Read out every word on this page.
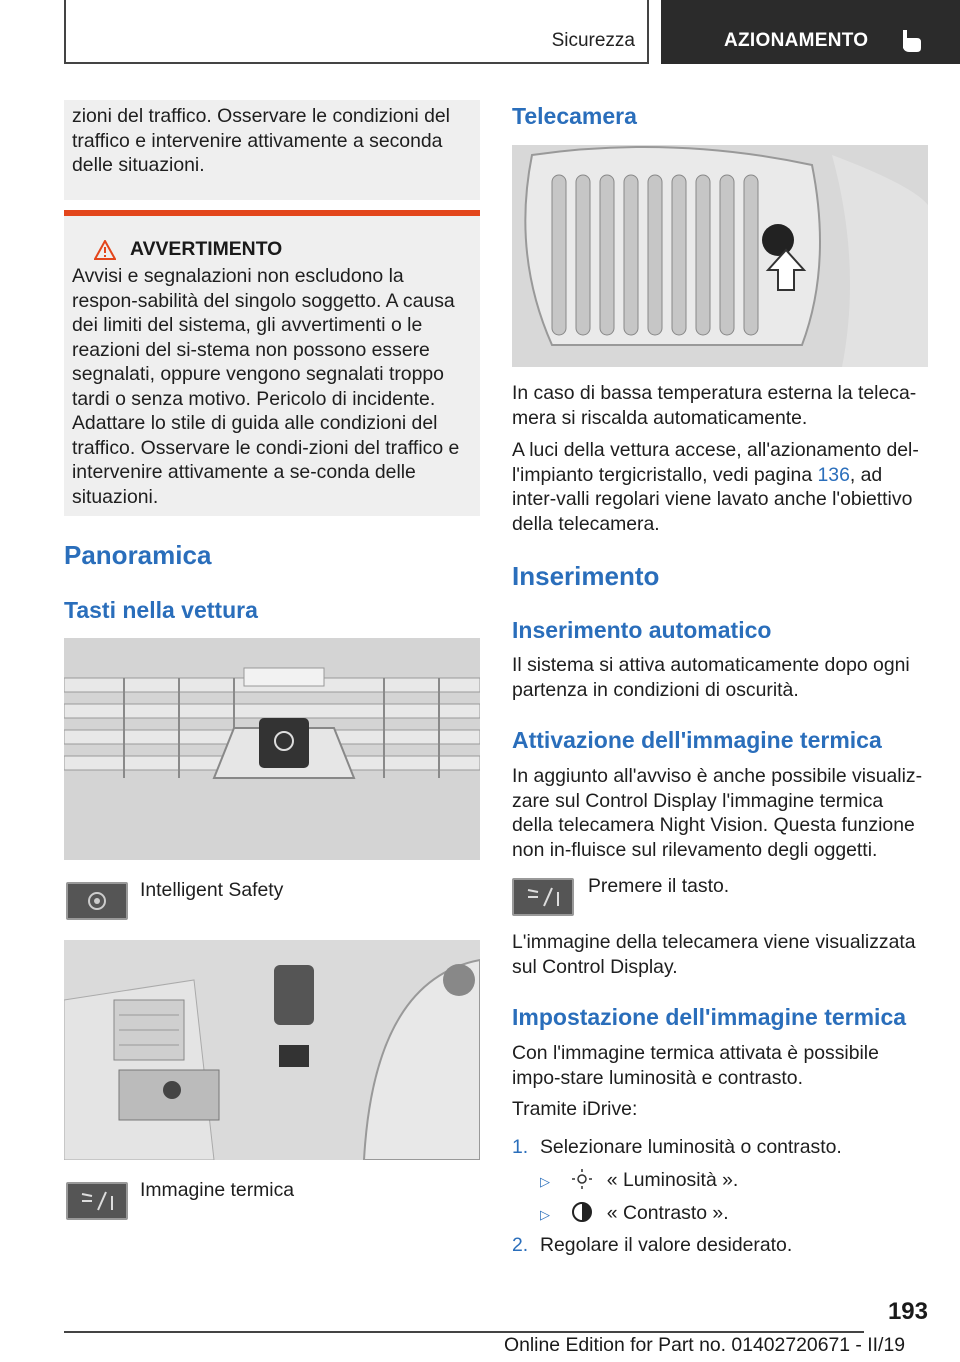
Sicurezza	AZIONAMENTO

zioni del traffico. Osservare le condizioni del traffico e intervenire attivamente a seconda delle situazioni.

AVVERTIMENTO

Avvisi e segnalazioni non escludono la respon-sabilità del singolo soggetto. A causa dei limiti del sistema, gli avvertimenti o le reazioni del si-stema non possono essere segnalati, oppure vengono segnalati troppo tardi o senza motivo. Pericolo di incidente. Adattare lo stile di guida alle condizioni del traffico. Osservare le condi-zioni del traffico e intervenire attivamente a se-conda delle situazioni.

Panoramica
Tasti nella vettura
Intelligent Safety
Immagine termica
Telecamera
In caso di bassa temperatura esterna la teleca-mera si riscalda automaticamente.
A luci della vettura accese, all'azionamento del-l'impianto tergicristallo, vedi pagina 136, ad inter-valli regolari viene lavato anche l'obiettivo della telecamera.
Inserimento
Inserimento automatico
Il sistema si attiva automaticamente dopo ogni partenza in condizioni di oscurità.
Attivazione dell'immagine termica
In aggiunto all'avviso è anche possibile visualiz-zare sul Control Display l'immagine termica della telecamera Night Vision. Questa funzione non in-fluisce sul rilevamento degli oggetti.
Premere il tasto.
L'immagine della telecamera viene visualizzata sul Control Display.
Impostazione dell'immagine termica
Con l'immagine termica attivata è possibile impo-stare luminosità e contrasto.
Tramite iDrive:
1. Selezionare luminosità o contrasto.
▷	« Luminosità ».
▷	« Contrasto ».
2. Regolare il valore desiderato.
193
Online Edition for Part no. 01402720671 - II/19
